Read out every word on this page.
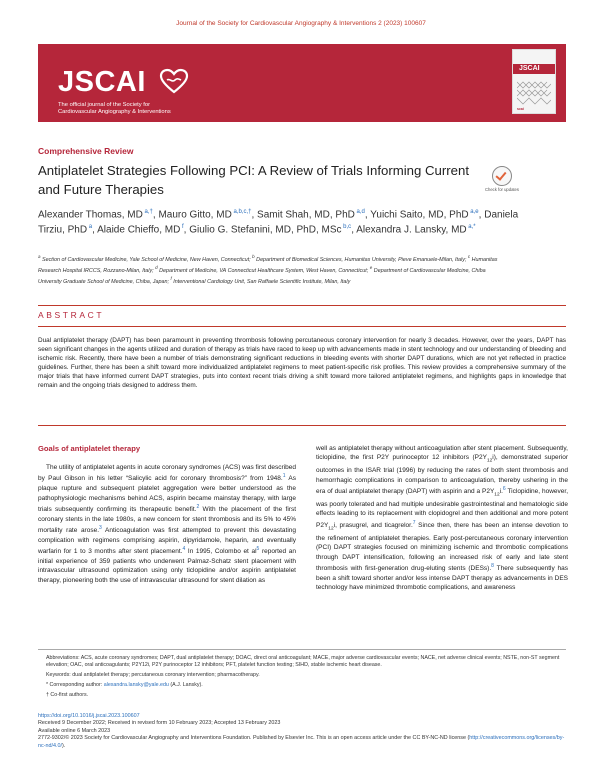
Journal of the Society for Cardiovascular Angiography & Interventions 2 (2023) 100607
JSCAI
The official journal of the Society for
Cardiovascular Angiography & Interventions
JSCAI
scai
Comprehensive Review
Antiplatelet Strategies Following PCI: A Review of Trials Informing Current and Future Therapies	Check for updates
Alexander Thomas, MD $^{a,\dagger}$, Mauro Gitto, MD $^{a,b,c,\dagger}$, Samit Shah, MD, PhD $^{a,d}$, Yuichi Saito, MD, PhD $^{a,e}$, Daniela Tirziu, PhD $^a$, Alaide Chieffo, MD $^f$, Giulio G. Stefanini, MD, PhD, MSc $^{b,c}$, Alexandra J. Lansky, MD $^{a,*}$
$^a$ Section of Cardiovascular Medicine, Yale School of Medicine, New Haven, Connecticut; $^b$ Department of Biomedical Sciences, Humanitas University, Pieve Emanuele-Milan, Italy; $^c$ Humanitas Research Hospital IRCCS, Rozzano-Milan, Italy; $^d$ Department of Medicine, VA Connecticut Healthcare System, West Haven, Connecticut; $^e$ Department of Cardiovascular Medicine, Chiba University Graduate School of Medicine, Chiba, Japan; $^f$ Interventional Cardiology Unit, San Raffaele Scientific Institute, Milan, Italy
ABSTRACT
Dual antiplatelet therapy (DAPT) has been paramount in preventing thrombosis following percutaneous coronary intervention for nearly 3 decades. However, over the years, DAPT has seen significant changes in the agents utilized and duration of therapy as trials have raced to keep up with advancements made in stent technology and our understanding of bleeding and ischemic risk. Recently, there have been a number of trials demonstrating significant reductions in bleeding events with shorter DAPT durations, which are not yet reflected in practice guidelines. Further, there has been a shift toward more individualized antiplatelet regimens to meet patient-specific risk profiles. This review provides a comprehensive summary of the major trials that have informed current DAPT strategies, puts into context recent trials driving a shift toward more tailored antiplatelet regimens, and highlights gaps in knowledge that remain and the ongoing trials designed to address them.
Goals of antiplatelet therapy

The utility of antiplatelet agents in acute coronary syndromes (ACS) was first described by Paul Gibson in his letter “Salicylic acid for coronary thrombosis?” from 1948.$^1$ As plaque rupture and subsequent platelet aggregation were better understood as the pathophysiologic mechanisms behind ACS, aspirin became mainstay therapy, with large trials subsequently confirming its therapeutic benefit.$^2$ With the placement of the first coronary stents in the late 1980s, a new concern for stent thrombosis and its 5% to 45% mortality rate arose.$^3$ Anticoagulation was first attempted to prevent this devastating complication with regimens comprising aspirin, dipyridamole, heparin, and eventually warfarin for 1 to 3 months after stent placement.$^4$ In 1995, Colombo et $al^5$ reported an initial experience of 359 patients who underwent Palmaz-Schatz stent placement with intravascular ultrasound optimization using only ticlopidine and/or aspirin antiplatelet therapy, pioneering both the use of intravascular ultrasound for stent dilation as

well as antiplatelet therapy without anticoagulation after stent placement. Subsequently, ticlopidine, the first P2Y purinoceptor 12 inhibitors $(P2Y_{12}i)$, demonstrated superior outcomes in the ISAR trial (1996) by reducing the rates of both stent thrombosis and hemorrhagic complications in comparison to anticoagulation, thereby ushering in the era of dual antiplatelet therapy (DAPT) with aspirin and a $P2Y_{12}i.^6$ Ticlopidine, however, was poorly tolerated and had multiple undesirable gastrointestinal and hematologic side effects leading to its replacement with clopidogrel and then additional and more potent $P2Y_{12}i$, prasugrel, and ticagrelor.$^7$ Since then, there has been an intense devotion to the refinement of antiplatelet therapies. Early post-percutaneous coronary intervention (PCI) DAPT strategies focused on minimizing ischemic and thrombotic complications through DAPT intensification, following an increased risk of early and late stent thrombosis with first-generation drug-eluting stents (DESs).$^8$ There subsequently has been a shift toward shorter and/or less intense DAPT therapy as advancements in DES technology have minimized thrombotic complications, and awareness

Abbreviations: ACS, acute coronary syndromes; DAPT, dual antiplatelet therapy; DOAC, direct oral anticoagulant; MACE, major adverse cardiovascular events; NACE, net adverse clinical events; NSTE, non-ST segment elevation; OAC, oral anticoagulants; P2Y12i, P2Y purinoceptor 12 inhibitors; PFT, platelet function testing; SIHD, stable ischemic heart disease.

Keywords: dual antiplatelet therapy; percutaneous coronary intervention; pharmacotherapy.

* Corresponding author: alexandra.lansky@yale.edu (A.J. Lansky).

† Co-first authors.

https://doi.org/10.1016/j.jscai.2023.100607

Received 9 December 2022; Received in revised form 10 February 2023; Accepted 13 February 2023

Available online 6 March 2023

2772-9302/© 2023 Society for Cardiovascular Angiography and Interventions Foundation. Published by Elsevier Inc. This is an open access article under the CC BY-NC-ND license (http://creativecommons.org/licenses/by-nc-nd/4.0/).
